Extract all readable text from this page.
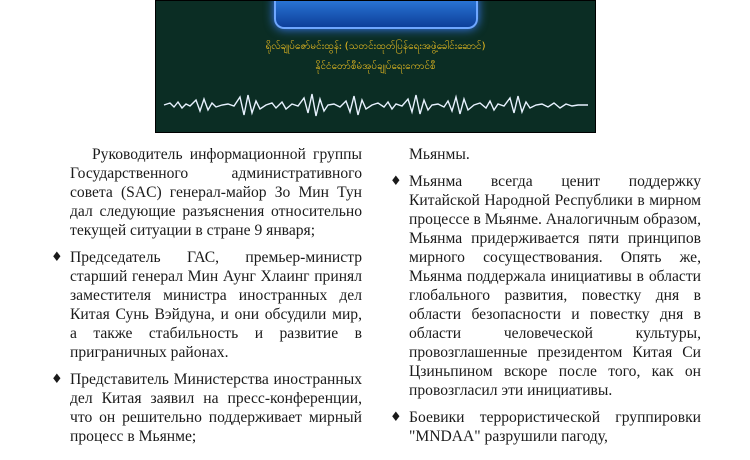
ရိုလ်ချုပ်ဇော်မင်းထွန်း (သတင်းထုတ်ပြန်ရေးအဖွဲ့ခေါင်းဆောင်)
နိုင်ငံတော်စီမံအုပ်ချုပ်ရေးကောင်စီ

Руководитель информационной группы Государственного административного совета (SAC) генерал-майор Зо Мин Тун дал следующие разъяснения относительно текущей ситуации в стране 9 января;

♦ Председатель ГАС, премьер-министр старший генерал Мин Аунг Хлаинг принял заместителя министра иностранных дел Китая Сунь Вэйдуна, и они обсудили мир, а также стабильность и развитие в приграничных районах.

♦ Представитель Министерства иностранных дел Китая заявил на пресс-конференции, что он решительно поддерживает мирный процесс в Мьянме;

Мьянмы.

♦ Мьянма всегда ценит поддержку Китайской Народной Республики в мирном процессе в Мьянме. Аналогичным образом, Мьянма придерживается пяти принципов мирного сосуществования. Опять же, Мьянма поддержала инициативы в области глобального развития, повестку дня в области безопасности и повестку дня в области человеческой культуры, провозглашенные президентом Китая Си Цзиньпином вскоре после того, как он провозгласил эти инициативы.

♦ Боевики террористической группировки "MNDAA" разрушили пагоду,
